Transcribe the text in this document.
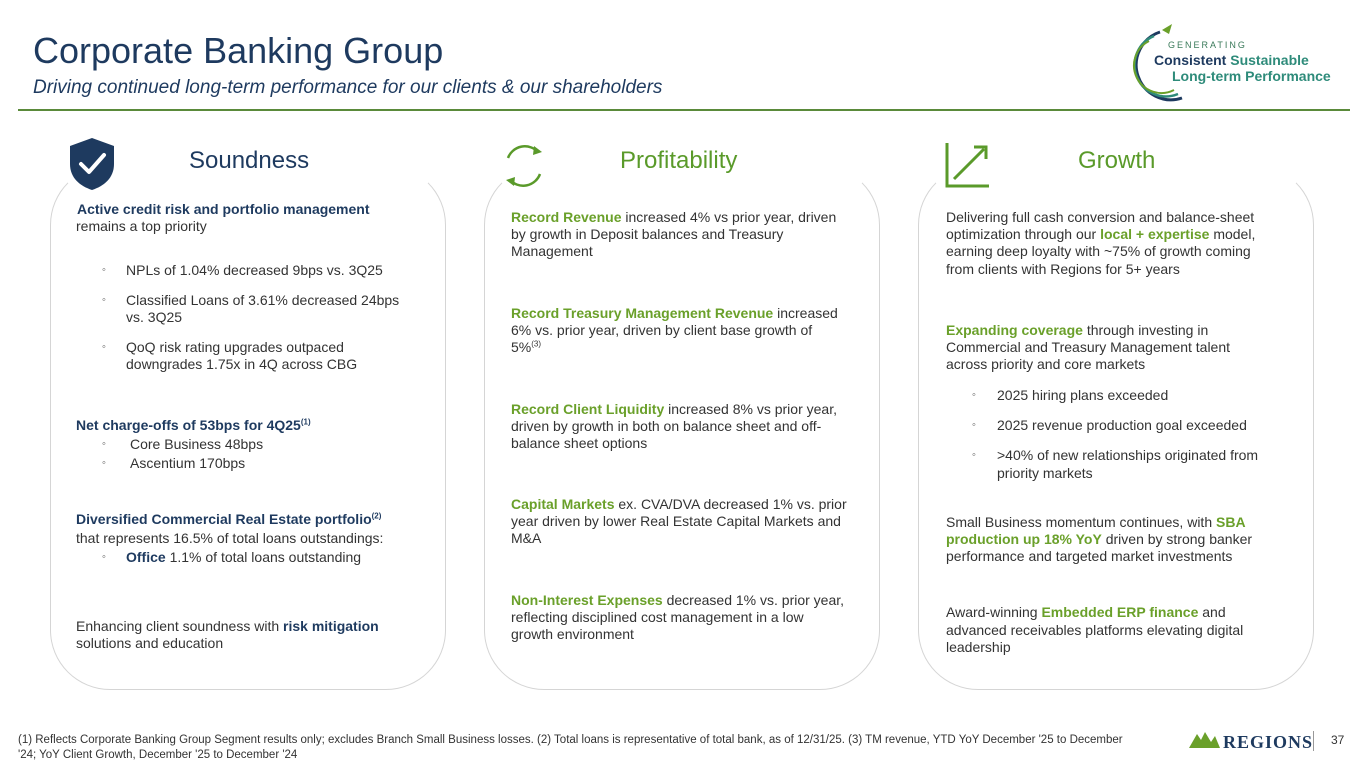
Corporate Banking Group
Driving continued long-term performance for our clients & our shareholders
GENERATING
Consistent Sustainable
Long-term Performance
Soundness
Active credit risk and portfolio management
remains a top priority
◦ NPLs of 1.04% decreased 9bps vs. 3Q25
◦ Classified Loans of 3.61% decreased 24bps
vs. 3Q25
◦ QoQ risk rating upgrades outpaced
downgrades 1.75x in 4Q across CBG
Net charge-offs of 53bps for 4Q25$^{(1)}$
◦ Core Business 48bps
◦ Ascentium 170bps
Diversified Commercial Real Estate portfolio$^{(2)}$
that represents 16.5% of total loans outstandings:
◦ Office 1.1% of total loans outstanding
Enhancing client soundness with risk mitigation
solutions and education
Profitability
Record Revenue increased 4% vs prior year, driven
by growth in Deposit balances and Treasury
Management
Record Treasury Management Revenue increased
6% vs. prior year, driven by client base growth of
5%$^{(3)}$
Record Client Liquidity increased 8% vs prior year,
driven by growth in both on balance sheet and off-
balance sheet options
Capital Markets ex. CVA/DVA decreased 1% vs. prior
year driven by lower Real Estate Capital Markets and
M&A
Non-Interest Expenses decreased 1% vs. prior year,
reflecting disciplined cost management in a low
growth environment
Growth
Delivering full cash conversion and balance-sheet
optimization through our local + expertise model,
earning deep loyalty with ~75% of growth coming
from clients with Regions for 5+ years
Expanding coverage through investing in
Commercial and Treasury Management talent
across priority and core markets
◦ 2025 hiring plans exceeded
◦ 2025 revenue production goal exceeded
◦ >40% of new relationships originated from
priority markets
Small Business momentum continues, with SBA
production up 18% YoY driven by strong banker
performance and targeted market investments
Award-winning Embedded ERP finance and
advanced receivables platforms elevating digital
leadership
(1) Reflects Corporate Banking Group Segment results only; excludes Branch Small Business losses. (2) Total loans is representative of total bank, as of 12/31/25. (3) TM revenue, YTD YoY December '25 to December
'24; YoY Client Growth, December '25 to December '24
REGIONS 37
